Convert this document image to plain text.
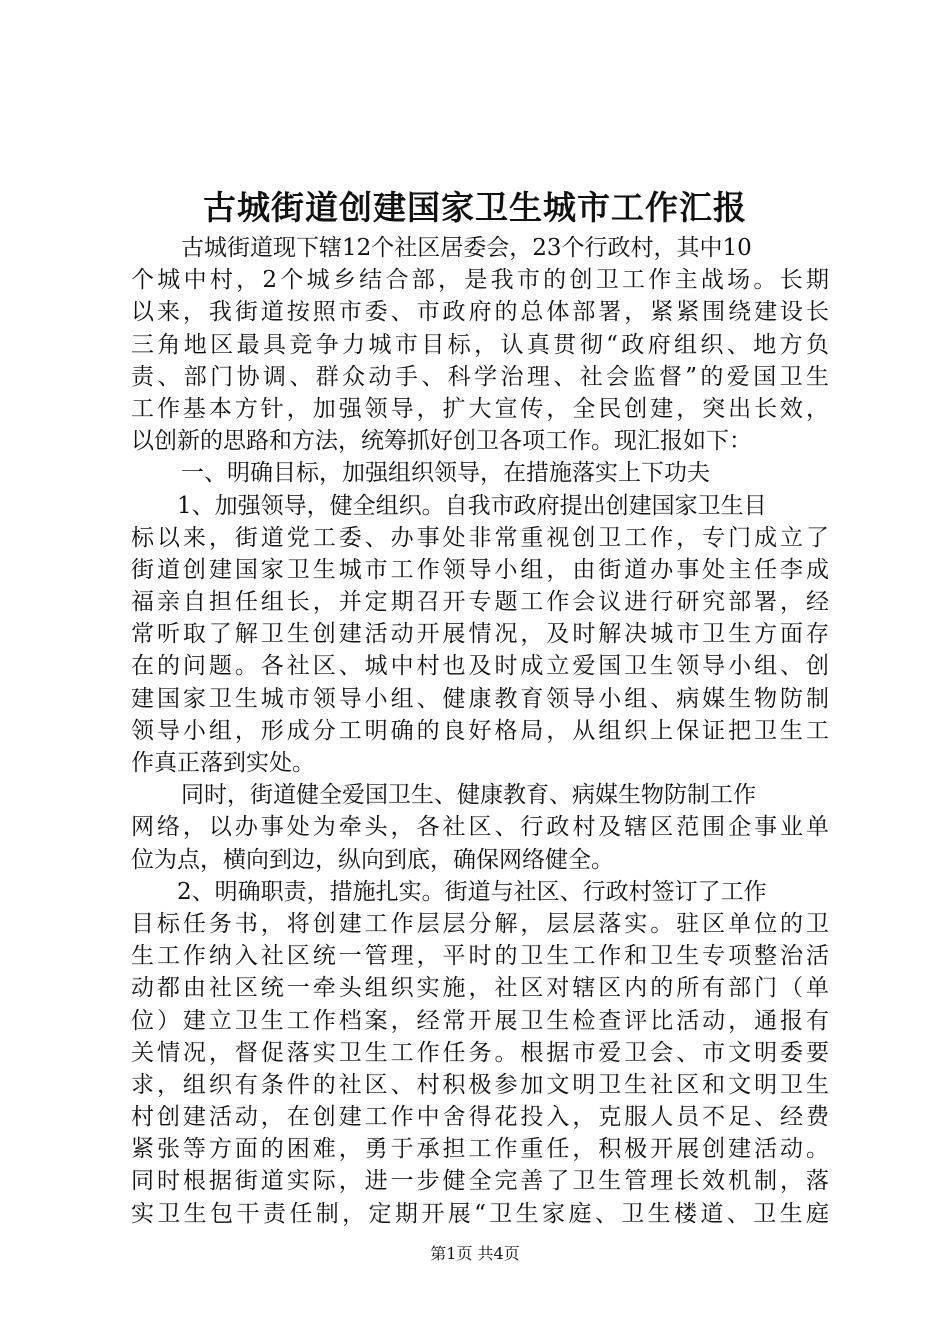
古城街道创建国家卫生城市工作汇报
古城街道现下辖12个社区居委会，23个行政村，其中10
个城中村，2个城乡结合部，是我市的创卫工作主战场。长期
以来，我街道按照市委、市政府的总体部署，紧紧围绕建设长
三角地区最具竞争力城市目标，认真贯彻“政府组织、地方负
责、部门协调、群众动手、科学治理、社会监督”的爱国卫生
工作基本方针，加强领导，扩大宣传，全民创建，突出长效，
以创新的思路和方法，统筹抓好创卫各项工作。现汇报如下：
一、明确目标，加强组织领导，在措施落实上下功夫
1、加强领导，健全组织。自我市政府提出创建国家卫生目
标以来，街道党工委、办事处非常重视创卫工作，专门成立了
街道创建国家卫生城市工作领导小组，由街道办事处主任李成
福亲自担任组长，并定期召开专题工作会议进行研究部署，经
常听取了解卫生创建活动开展情况，及时解决城市卫生方面存
在的问题。各社区、城中村也及时成立爱国卫生领导小组、创
建国家卫生城市领导小组、健康教育领导小组、病媒生物防制
领导小组，形成分工明确的良好格局，从组织上保证把卫生工
作真正落到实处。
同时，街道健全爱国卫生、健康教育、病媒生物防制工作
网络，以办事处为牵头，各社区、行政村及辖区范围企事业单
位为点，横向到边，纵向到底，确保网络健全。
2、明确职责，措施扎实。街道与社区、行政村签订了工作
目标任务书，将创建工作层层分解，层层落实。驻区单位的卫
生工作纳入社区统一管理，平时的卫生工作和卫生专项整治活
动都由社区统一牵头组织实施，社区对辖区内的所有部门（单
位）建立卫生工作档案，经常开展卫生检查评比活动，通报有
关情况，督促落实卫生工作任务。根据市爱卫会、市文明委要
求，组织有条件的社区、村积极参加文明卫生社区和文明卫生
村创建活动，在创建工作中舍得花投入，克服人员不足、经费
紧张等方面的困难，勇于承担工作重任，积极开展创建活动。
同时根据街道实际，进一步健全完善了卫生管理长效机制，落
实卫生包干责任制，定期开展“卫生家庭、卫生楼道、卫生庭
第1页 共4页
